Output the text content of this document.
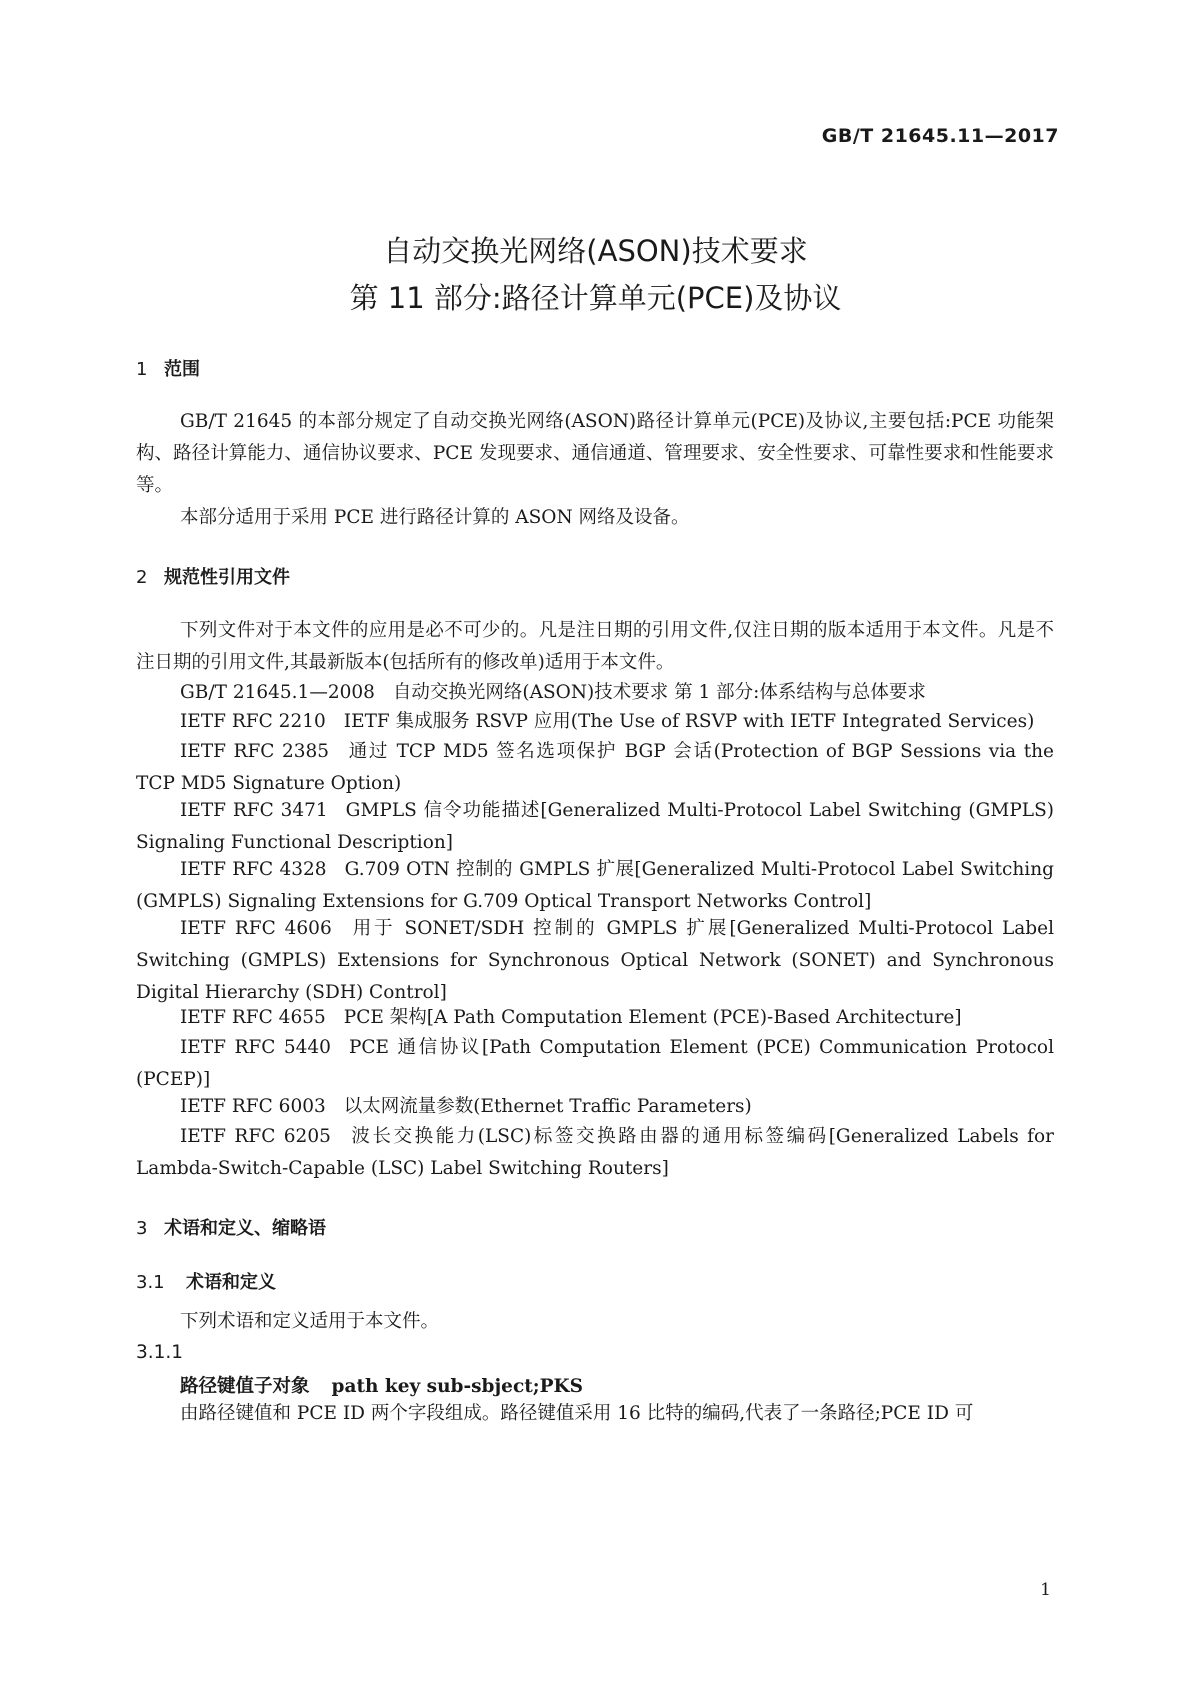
GB/T 21645.11—2017
自动交换光网络(ASON)技术要求
第 11 部分:路径计算单元(PCE)及协议
1 范围

GB/T 21645 的本部分规定了自动交换光网络(ASON)路径计算单元(PCE)及协议,主要包括:PCE 功能架构、路径计算能力、通信协议要求、PCE 发现要求、通信通道、管理要求、安全性要求、可靠性要求和性能要求等。

本部分适用于采用 PCE 进行路径计算的 ASON 网络及设备。

2 规范性引用文件

下列文件对于本文件的应用是必不可少的。凡是注日期的引用文件,仅注日期的版本适用于本文件。凡是不注日期的引用文件,其最新版本(包括所有的修改单)适用于本文件。

GB/T 21645.1—2008 自动交换光网络(ASON)技术要求 第 1 部分:体系结构与总体要求

IETF RFC 2210 IETF 集成服务 RSVP 应用(The Use of RSVP with IETF Integrated Services)

IETF RFC 2385 通过 TCP MD5 签名选项保护 BGP 会话(Protection of BGP Sessions via the TCP MD5 Signature Option)

IETF RFC 3471 GMPLS 信令功能描述[Generalized Multi-Protocol Label Switching (GMPLS) Signaling Functional Description]

IETF RFC 4328 G.709 OTN 控制的 GMPLS 扩展[Generalized Multi-Protocol Label Switching (GMPLS) Signaling Extensions for G.709 Optical Transport Networks Control]

IETF RFC 4606 用于 SONET/SDH 控制的 GMPLS 扩展[Generalized Multi-Protocol Label Switching (GMPLS) Extensions for Synchronous Optical Network (SONET) and Synchronous Digital Hierarchy (SDH) Control]

IETF RFC 4655 PCE 架构[A Path Computation Element (PCE)-Based Architecture]

IETF RFC 5440 PCE 通信协议[Path Computation Element (PCE) Communication Protocol (PCEP)]

IETF RFC 6003 以太网流量参数(Ethernet Traffic Parameters)

IETF RFC 6205 波长交换能力(LSC)标签交换路由器的通用标签编码[Generalized Labels for Lambda-Switch-Capable (LSC) Label Switching Routers]

3 术语和定义、缩略语
3.1 术语和定义

下列术语和定义适用于本文件。

3.1.1
路径键值子对象 path key sub-sbject;PKS

由路径键值和 PCE ID 两个字段组成。路径键值采用 16 比特的编码,代表了一条路径;PCE ID 可

1
